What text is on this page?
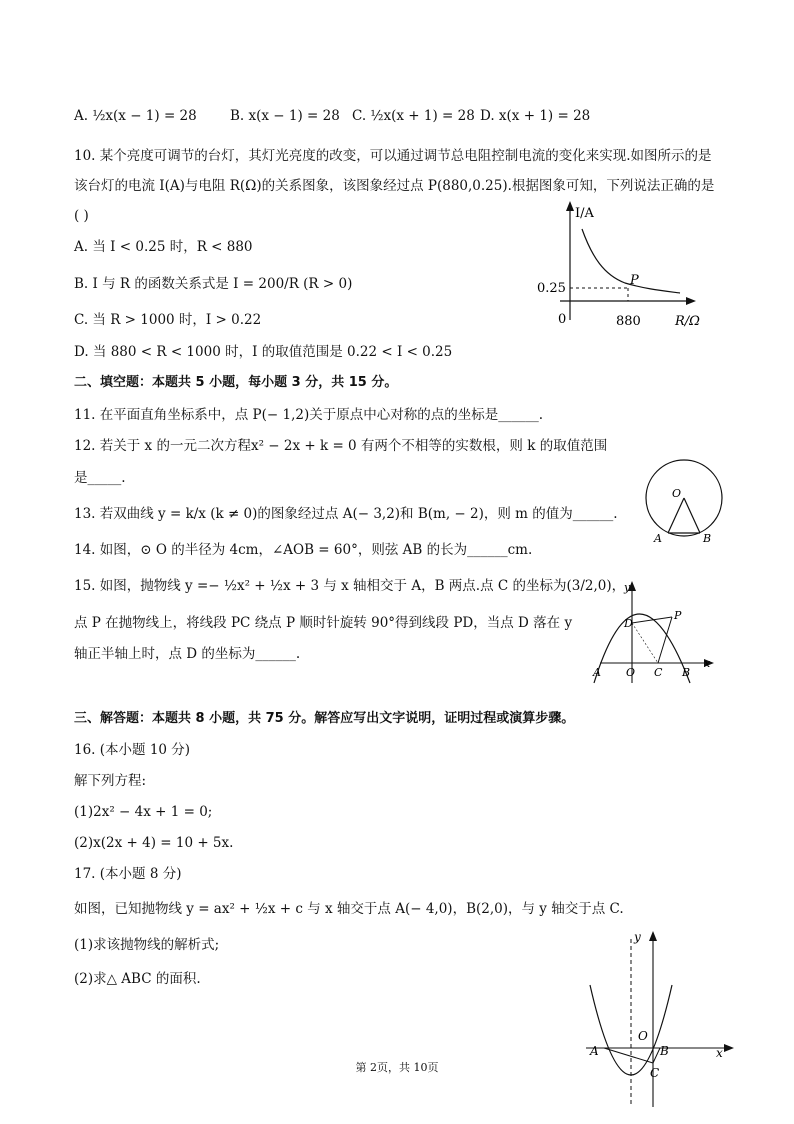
A. ½x(x − 1) = 28 B. x(x − 1) = 28 C. ½x(x + 1) = 28 D. x(x + 1) = 28
10. 某个亮度可调节的台灯，其灯光亮度的改变，可以通过调节总电阻控制电流的变化来实现.如图所示的是
该台灯的电流 I(A)与电阻 R(Ω)的关系图象，该图象经过点 P(880,0.25).根据图象可知，下列说法正确的是
( )
A. 当 I < 0.25 时，R < 880
B. I 与 R 的函数关系式是 I = 200/R (R > 0)
C. 当 R > 1000 时，I > 0.22
D. 当 880 < R < 1000 时，I 的取值范围是 0.22 < I < 0.25
I/A
P
0.25
0	880	R/Ω
二、填空题：本题共 5 小题，每小题 3 分，共 15 分。
11. 在平面直角坐标系中，点 P(− 1,2)关于原点中心对称的点的坐标是______.
12. 若关于 x 的一元二次方程x² − 2x + k = 0 有两个不相等的实数根，则 k 的取值范围
是_____.
13. 若双曲线 y = k/x (k ≠ 0)的图象经过点 A(− 3,2)和 B(m, − 2)，则 m 的值为______.
14. 如图，⊙ O 的半径为 4cm，∠AOB = 60°，则弦 AB 的长为______cm.
O
A	B
15. 如图，抛物线 y =− ½x² + ½x + 3 与 x 轴相交于 A，B 两点.点 C 的坐标为(3/2,0)，
点 P 在抛物线上，将线段 PC 绕点 P 顺时针旋转 90°得到线段 PD，当点 D 落在 y
轴正半轴上时，点 D 的坐标为______.
y
x
A O C B
D
P
三、解答题：本题共 8 小题，共 75 分。解答应写出文字说明，证明过程或演算步骤。
16. (本小题 10 分)
解下列方程:
(1)2x² − 4x + 1 = 0;
(2)x(2x + 4) = 10 + 5x.
17. (本小题 8 分)
如图，已知抛物线 y = ax² + ½x + c 与 x 轴交于点 A(− 4,0)，B(2,0)，与 y 轴交于点 C.
(1)求该抛物线的解析式;
(2)求△ ABC 的面积.
y
x
O
A	B
C
第 2页，共 10页
